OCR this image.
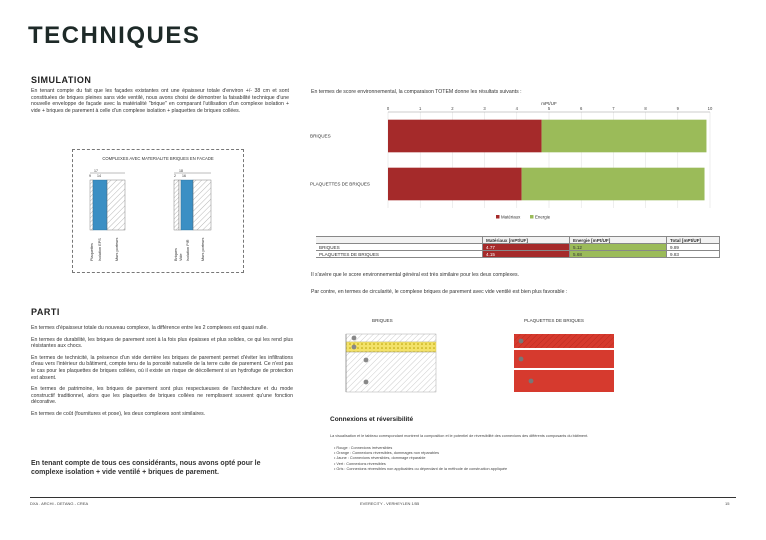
TECHNIQUES
SIMULATION
En tenant compte du fait que les façades existantes ont une épaisseur totale d'environ +/- 38 cm et sont constituées de briques pleines sans vide ventilé, nous avons choisi de démontrer la faisabilité technique d'une nouvelle enveloppe de façade avec la matérialité "brique" en comparant l'utilisation d'un complexe isolation + vide + briques de parement à celle d'un complexe isolation + plaquettes de briques collées.
COMPLEXES AVEC MATERIALITE BRIQUES EN FACADE
17
9 14
Plaquettes Isolation EPS	Murs porteurs
18
2 16
Briques Vide Isolation PIR	Murs porteurs
PARTI
En termes d'épaisseur totale du nouveau complexe, la différence entre les 2 complexes est quasi nulle.
En termes de durabilité, les briques de parement sont à la fois plus épaisses et plus solides, ce qui les rend plus résistantes aux chocs.
En termes de technicité, la présence d'un vide derrière les briques de parement permet d'éviter les infiltrations d'eau vers l'intérieur du bâtiment, compte tenu de la porosité naturelle de la terre cuite de parement. Ce n'est pas le cas pour les plaquettes de briques collées, où il existe un risque de décollement si un hydrofuge de protection est absent.
En termes de patrimoine, les briques de parement sont plus respectueuses de l'architecture et du mode constructif traditionnel, alors que les plaquettes de briques collées ne remplissent souvent qu'une fonction décorative.
En termes de coût (fournitures et pose), les deux complexes sont similaires.
En tenant compte de tous ces considérants, nous avons opté pour le complexe isolation + vide ventilé + briques de parement.
En termes de score environnemental, la comparaison TOTEM donne les résultats suivants :
mPt/UF
0	1	2	3	4	5	6	7	8	9	10
BRIQUES
PLAQUETTES DE BRIQUES
Matériaux	Energie
	Matériaux [mPt/UF]	Energie [mPt/UF]	Total [mPt/UF]
BRIQUES	4.77	5.12	9.89
PLAQUETTES DE BRIQUES	4.15	5.68	9.83
Il s'avère que le score environnemental général est très similaire pour les deux complexes.
Par contre, en termes de circularité, le complexe briques de parement avec vide ventilé est bien plus favorable :
BRIQUES	PLAQUETTES DE BRIQUES
Connexions et réversibilité
La visualisation et le tableau correspondant montrent la composition et le potentiel de réversibilité des connexions des différents composants du bâtiment.
• Rouge : Connexions irréversibles
• Orange : Connexions réversibles, dommages non réparables
• Jaune : Connexions réversibles, dommage réparable
• Vert : Connexions réversibles
• Gris : Connexions réversibles non applicables ou dépendant de la méthode de construction appliquée
DXA . ARCHI - DETANG - CREA	EVERECITY - VERHEYLEN 1/55	15
